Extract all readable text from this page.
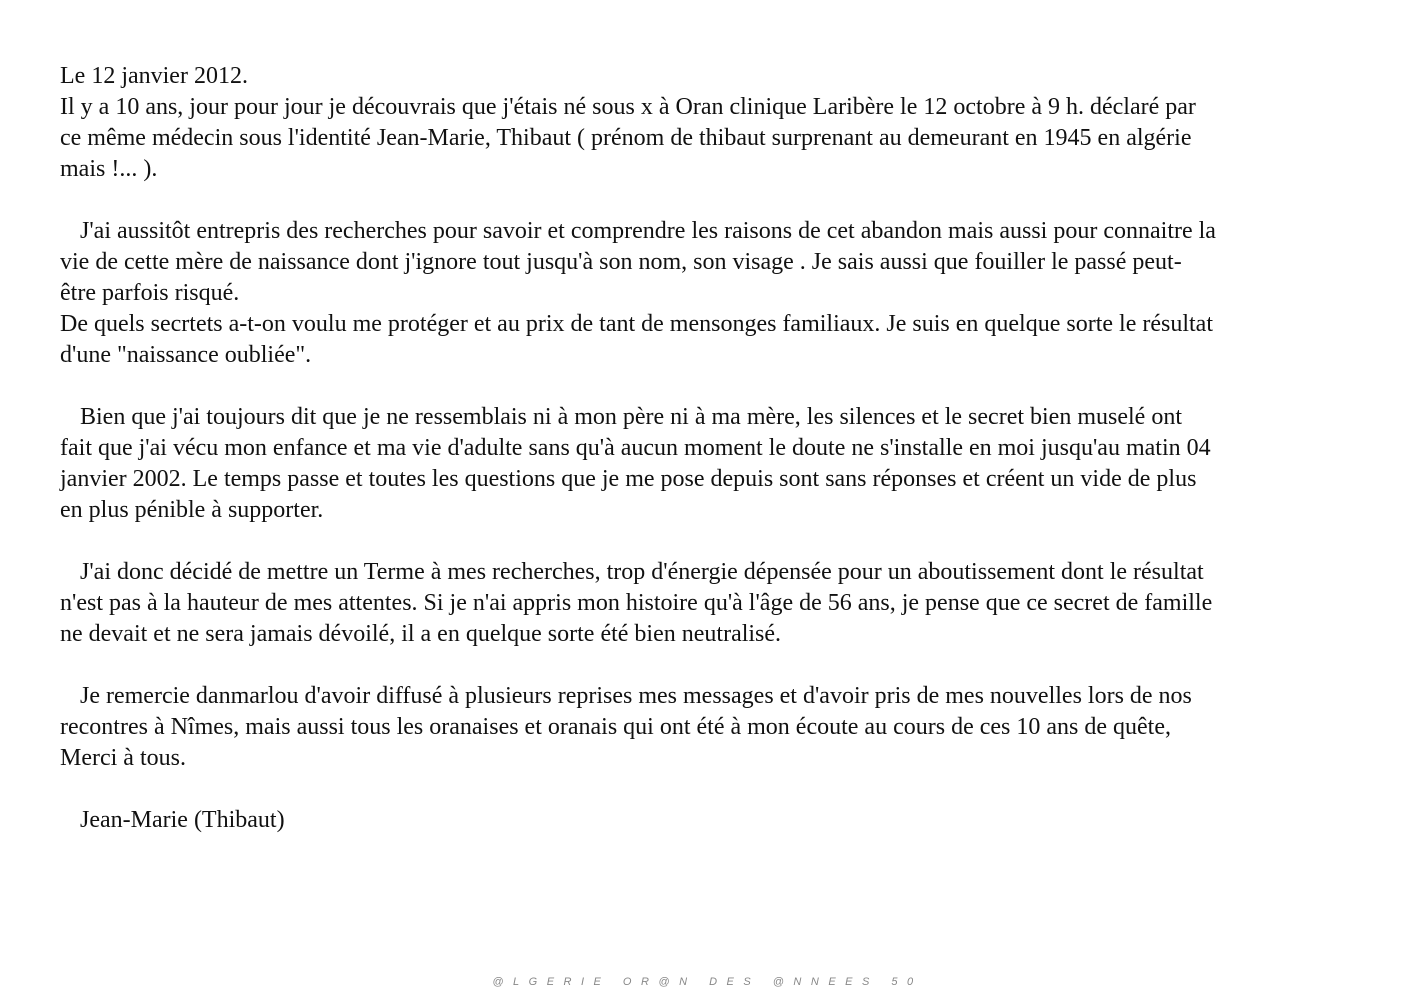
Le 12 janvier 2012.
Il y a 10 ans, jour pour jour je découvrais que j'étais né sous x à Oran clinique Laribère le 12 octobre à 9 h. déclaré par
ce même médecin sous l'identité Jean-Marie, Thibaut ( prénom de thibaut surprenant au demeurant en 1945 en algérie
mais !... ).
J'ai aussitôt entrepris des recherches pour savoir et comprendre les raisons de cet abandon mais aussi pour connaitre la
vie de cette mère de naissance dont j'ignore tout jusqu'à son nom, son visage . Je sais aussi que fouiller le passé peut-
être parfois risqué.
De quels secrtets a-t-on voulu me protéger et au prix de tant de mensonges familiaux. Je suis en quelque sorte le résultat
d'une "naissance oubliée".
Bien que j'ai toujours dit que je ne ressemblais ni à mon père ni à ma mère, les silences et le secret bien muselé ont
fait que j'ai vécu mon enfance et ma vie d'adulte sans qu'à aucun moment le doute ne s'installe en moi jusqu'au matin 04
janvier 2002. Le temps passe et toutes les questions que je me pose depuis sont sans réponses et créent un vide de plus
en plus pénible à supporter.
J'ai donc décidé de mettre un Terme à mes recherches, trop d'énergie dépensée pour un aboutissement dont le résultat
n'est pas à la hauteur de mes attentes. Si je n'ai appris mon histoire qu'à l'âge de 56 ans, je pense que ce secret de famille
ne devait et ne sera jamais dévoilé, il a en quelque sorte été bien neutralisé.
Je remercie danmarlou d'avoir diffusé à plusieurs reprises mes messages et d'avoir pris de mes nouvelles lors de nos
recontres à Nîmes, mais aussi tous les oranaises et oranais qui ont été à mon écoute au cours de ces 10 ans de quête,
Merci à tous.
Jean-Marie (Thibaut)
@LGERIE OR@N DES @NNEES 50
